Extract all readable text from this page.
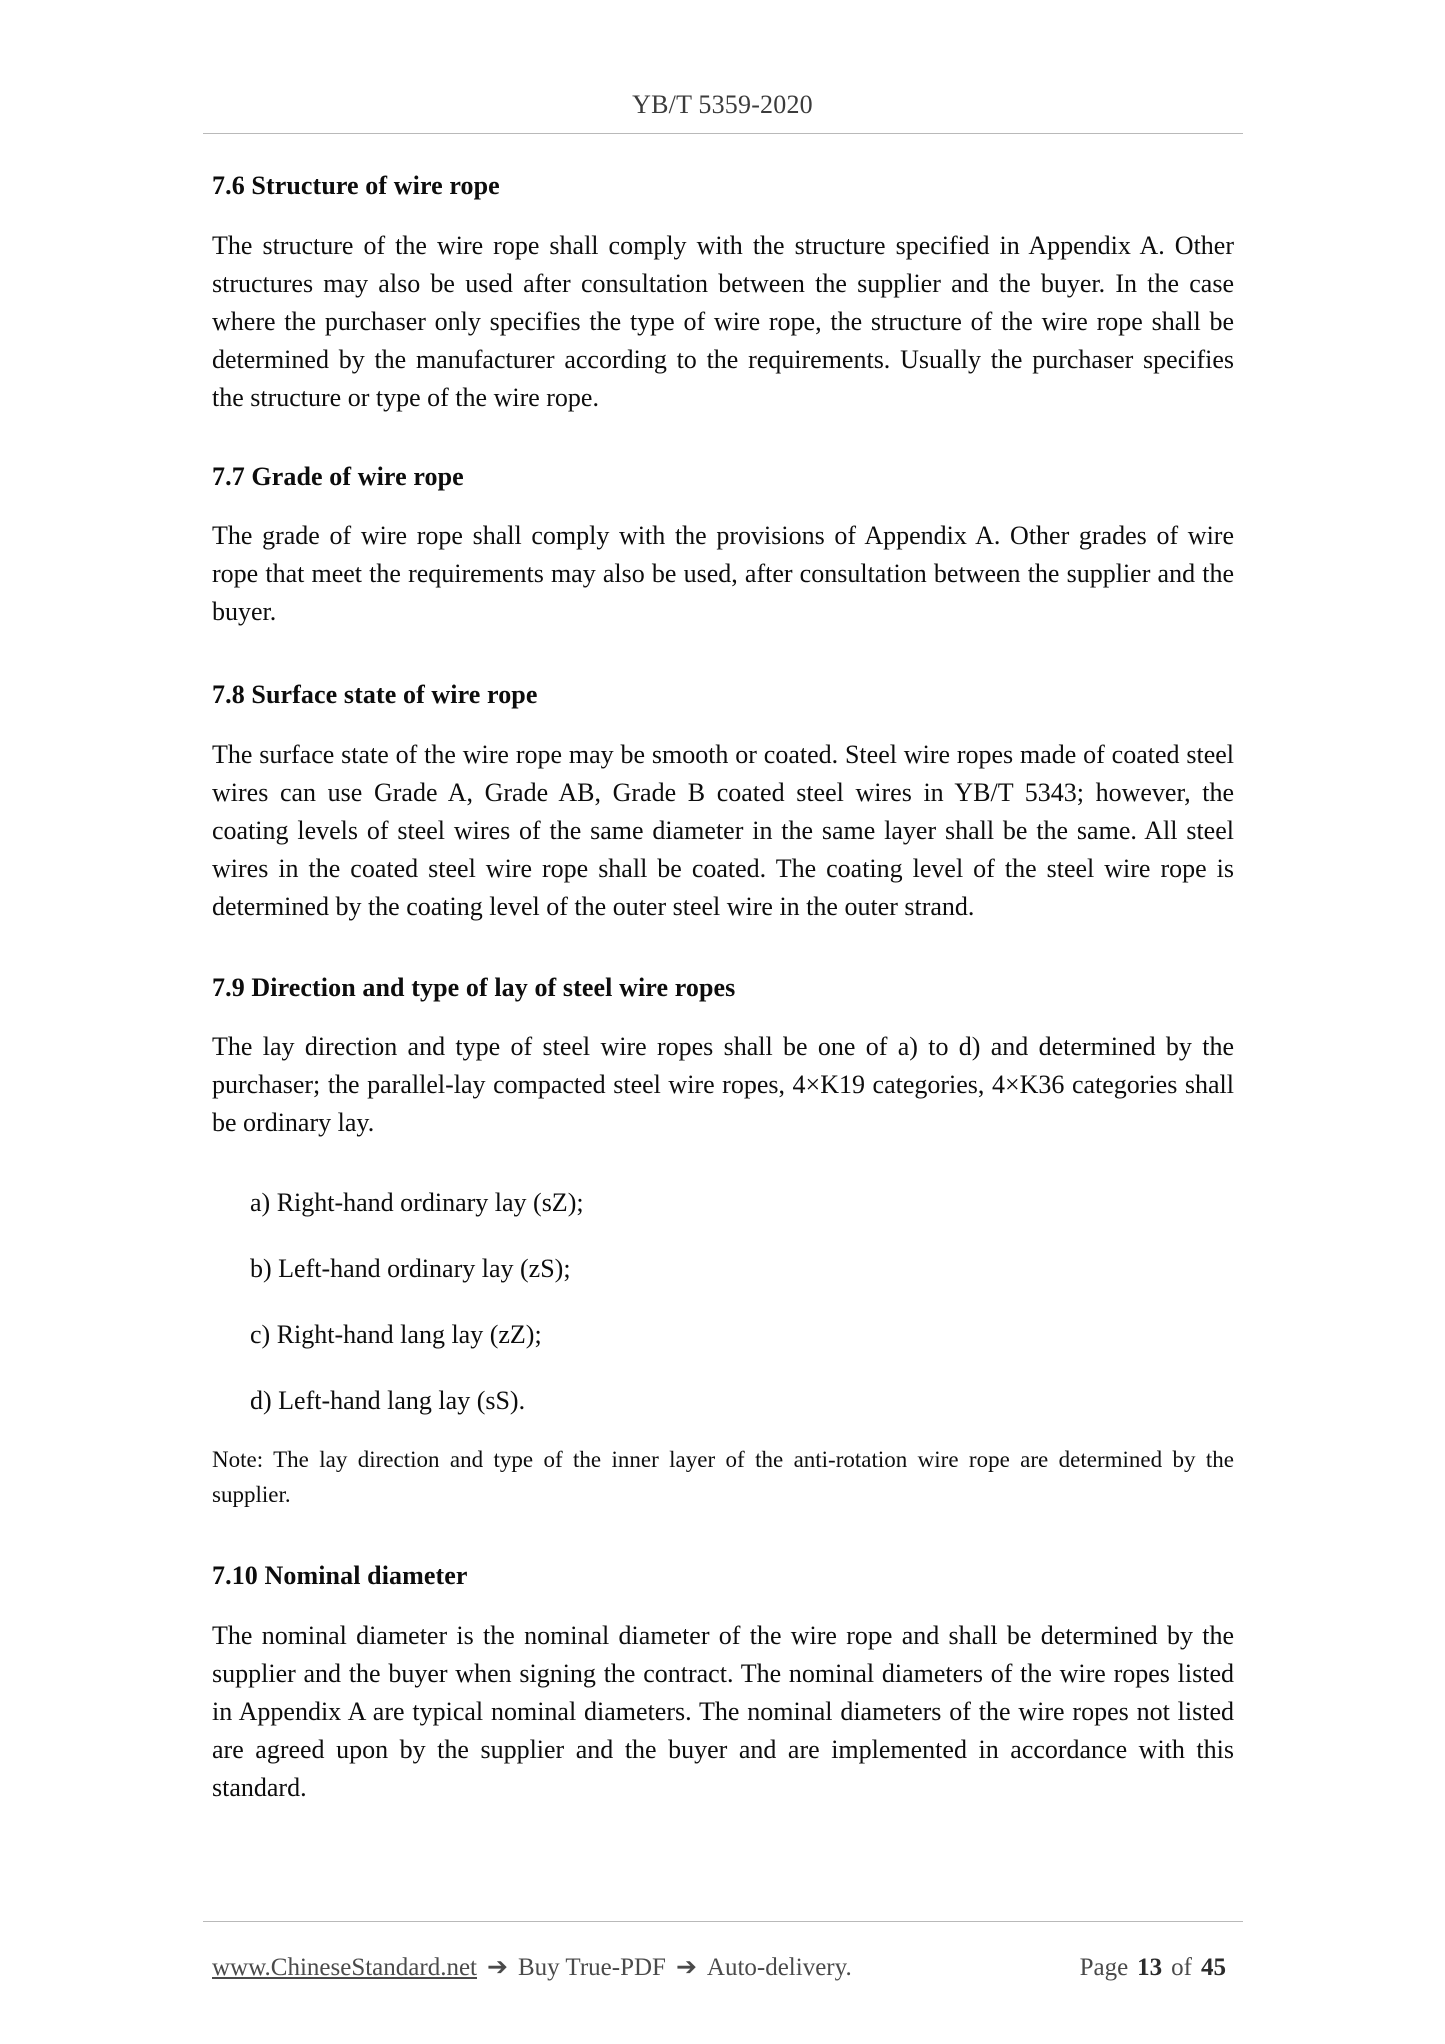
YB/T 5359-2020
7.6 Structure of wire rope

The structure of the wire rope shall comply with the structure specified in Appendix A. Other structures may also be used after consultation between the supplier and the buyer. In the case where the purchaser only specifies the type of wire rope, the structure of the wire rope shall be determined by the manufacturer according to the requirements. Usually the purchaser specifies the structure or type of the wire rope.

7.7 Grade of wire rope

The grade of wire rope shall comply with the provisions of Appendix A. Other grades of wire rope that meet the requirements may also be used, after consultation between the supplier and the buyer.

7.8 Surface state of wire rope

The surface state of the wire rope may be smooth or coated. Steel wire ropes made of coated steel wires can use Grade A, Grade AB, Grade B coated steel wires in YB/T 5343; however, the coating levels of steel wires of the same diameter in the same layer shall be the same. All steel wires in the coated steel wire rope shall be coated. The coating level of the steel wire rope is determined by the coating level of the outer steel wire in the outer strand.

7.9 Direction and type of lay of steel wire ropes

The lay direction and type of steel wire ropes shall be one of a) to d) and determined by the purchaser; the parallel-lay compacted steel wire ropes, 4×K19 categories, 4×K36 categories shall be ordinary lay.

a) Right-hand ordinary lay (sZ);
b) Left-hand ordinary lay (zS);
c) Right-hand lang lay (zZ);
d) Left-hand lang lay (sS).

Note: The lay direction and type of the inner layer of the anti-rotation wire rope are determined by the supplier.

7.10 Nominal diameter

The nominal diameter is the nominal diameter of the wire rope and shall be determined by the supplier and the buyer when signing the contract. The nominal diameters of the wire ropes listed in Appendix A are typical nominal diameters. The nominal diameters of the wire ropes not listed are agreed upon by the supplier and the buyer and are implemented in accordance with this standard.

www.ChineseStandard.net ➔ Buy True-PDF ➔ Auto-delivery.	Page 13 of 45
